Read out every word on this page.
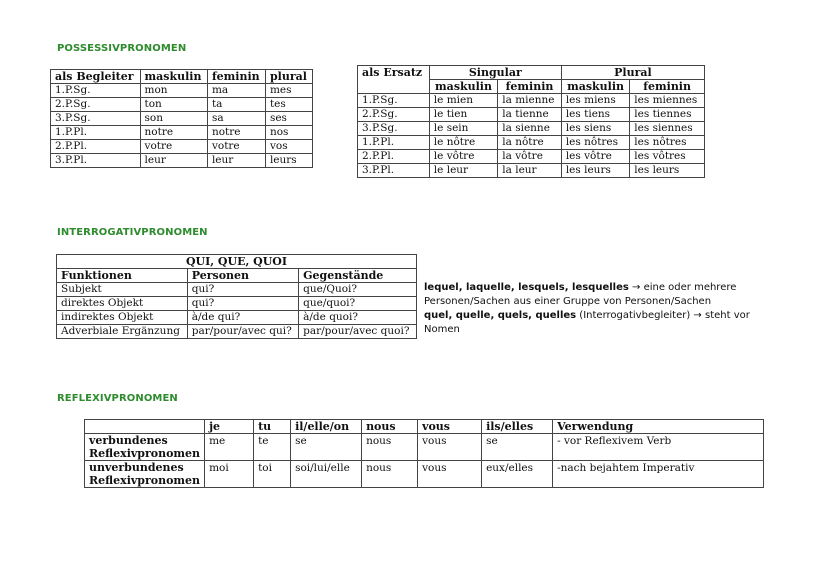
POSSESSIVPRONOMEN
als Begleiter	maskulin	feminin	plural
1.P.Sg.	mon	ma	mes
2.P.Sg.	ton	ta	tes
3.P.Sg.	son	sa	ses
1.P.Pl.	notre	notre	nos
2.P.Pl.	votre	votre	vos
3.P.Pl.	leur	leur	leurs
als Ersatz	Singular		Plural	
	maskulin	feminin	maskulin	feminin
1.P.Sg.	le mien	la mienne	les miens	les miennes
2.P.Sg.	le tien	la tienne	les tiens	les tiennes
3.P.Sg.	le sein	la sienne	les siens	les siennes
1.P.Pl.	le nôtre	la nôtre	les nôtres	les nôtres
2.P.Pl.	le vôtre	la vôtre	les vôtre	les vôtres
3.P.Pl.	le leur	la leur	les leurs	les leurs
INTERROGATIVPRONOMEN
QUI, QUE, QUOI		
Funktionen	Personen	Gegenstände
Subjekt	qui?	que/Quoi?
direktes Objekt	qui?	que/quoi?
indirektes Objekt	à/de qui?	à/de quoi?
Adverbiale Ergänzung	par/pour/avec qui?	par/pour/avec quoi?
lequel, laquelle, lesquels, lesquelles → eine oder mehrere
Personen/Sachen aus einer Gruppe von Personen/Sachen
quel, quelle, quels, quelles (Interrogativbegleiter) → steht vor
Nomen
REFLEXIVPRONOMEN
	je	tu	il/elle/on	nous	vous	ils/elles	Verwendung

verbundenes
Reflexivpronomen	me	te	se	nous	vous	se	- vor Reflexivem Verb

unverbundenes
Reflexivpronomen	moi	toi	soi/lui/elle	nous	vous	eux/elles	-nach bejahtem Imperativ
